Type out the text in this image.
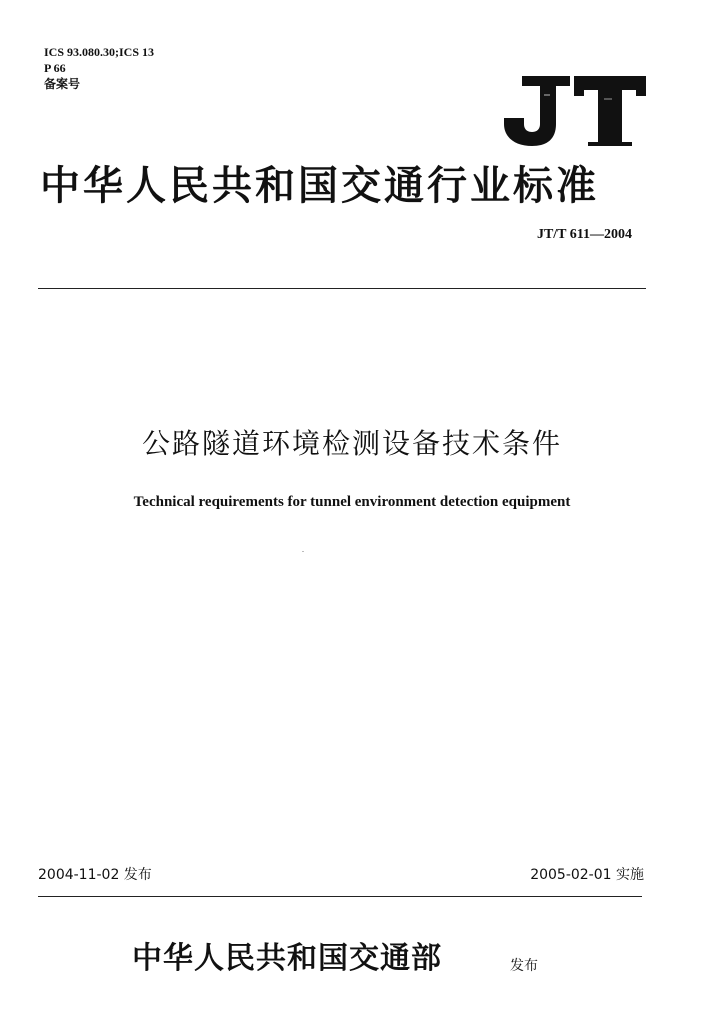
ICS 93.080.30;ICS 13
P 66
备案号
中华人民共和国交通行业标准
JT/T 611—2004
公路隧道环境检测设备技术条件
Technical requirements for tunnel environment detection equipment
2004-11-02 发布	2005-02-01 实施
中华人民共和国交通部	发布
